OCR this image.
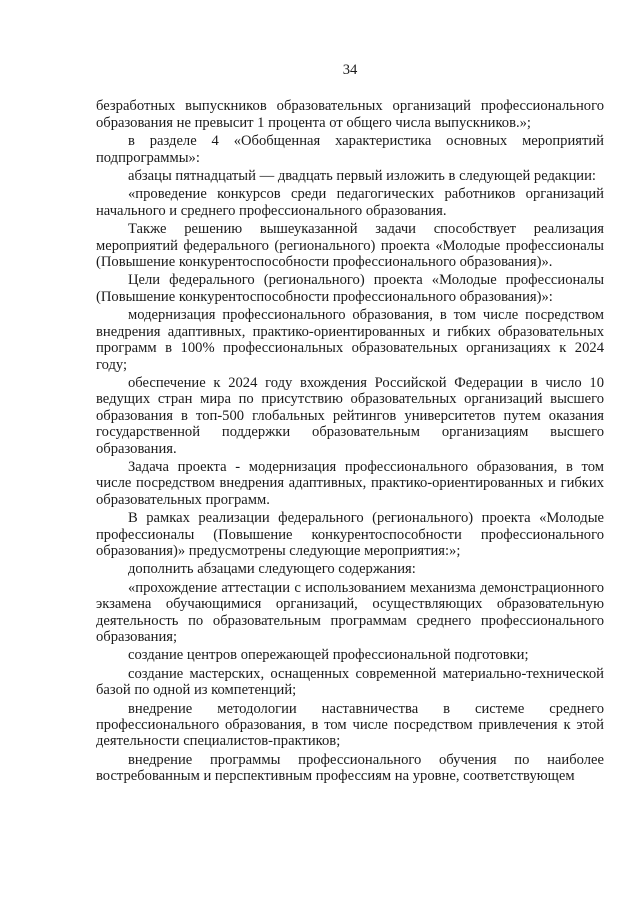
34

безработных выпускников образовательных организаций профессионального образования не превысит 1 процента от общего числа выпускников.»;

в разделе 4 «Обобщенная характеристика основных мероприятий подпрограммы»:

абзацы пятнадцатый — двадцать первый изложить в следующей редакции:

«проведение конкурсов среди педагогических работников организаций начального и среднего профессионального образования.

Также решению вышеуказанной задачи способствует реализация мероприятий федерального (регионального) проекта «Молодые профессионалы (Повышение конкурентоспособности профессионального образования)».

Цели федерального (регионального) проекта «Молодые профессионалы (Повышение конкурентоспособности профессионального образования)»:

модернизация профессионального образования, в том числе посредством внедрения адаптивных, практико-ориентированных и гибких образовательных программ в 100% профессиональных образовательных организациях к 2024 году;

обеспечение к 2024 году вхождения Российской Федерации в число 10 ведущих стран мира по присутствию образовательных организаций высшего образования в топ-500 глобальных рейтингов университетов путем оказания государственной поддержки образовательным организациям высшего образования.

Задача проекта - модернизация профессионального образования, в том числе посредством внедрения адаптивных, практико-ориентированных и гибких образовательных программ.

В рамках реализации федерального (регионального) проекта «Молодые профессионалы (Повышение конкурентоспособности профессионального образования)» предусмотрены следующие мероприятия:»;

дополнить абзацами следующего содержания:

«прохождение аттестации с использованием механизма демонстрационного экзамена обучающимися организаций, осуществляющих образовательную деятельность по образовательным программам среднего профессионального образования;

создание центров опережающей профессиональной подготовки;

создание мастерских, оснащенных современной материально-технической базой по одной из компетенций;

внедрение методологии наставничества в системе среднего профессионального образования, в том числе посредством привлечения к этой деятельности специалистов-практиков;

внедрение программы профессионального обучения по наиболее востребованным и перспективным профессиям на уровне, соответствующем
